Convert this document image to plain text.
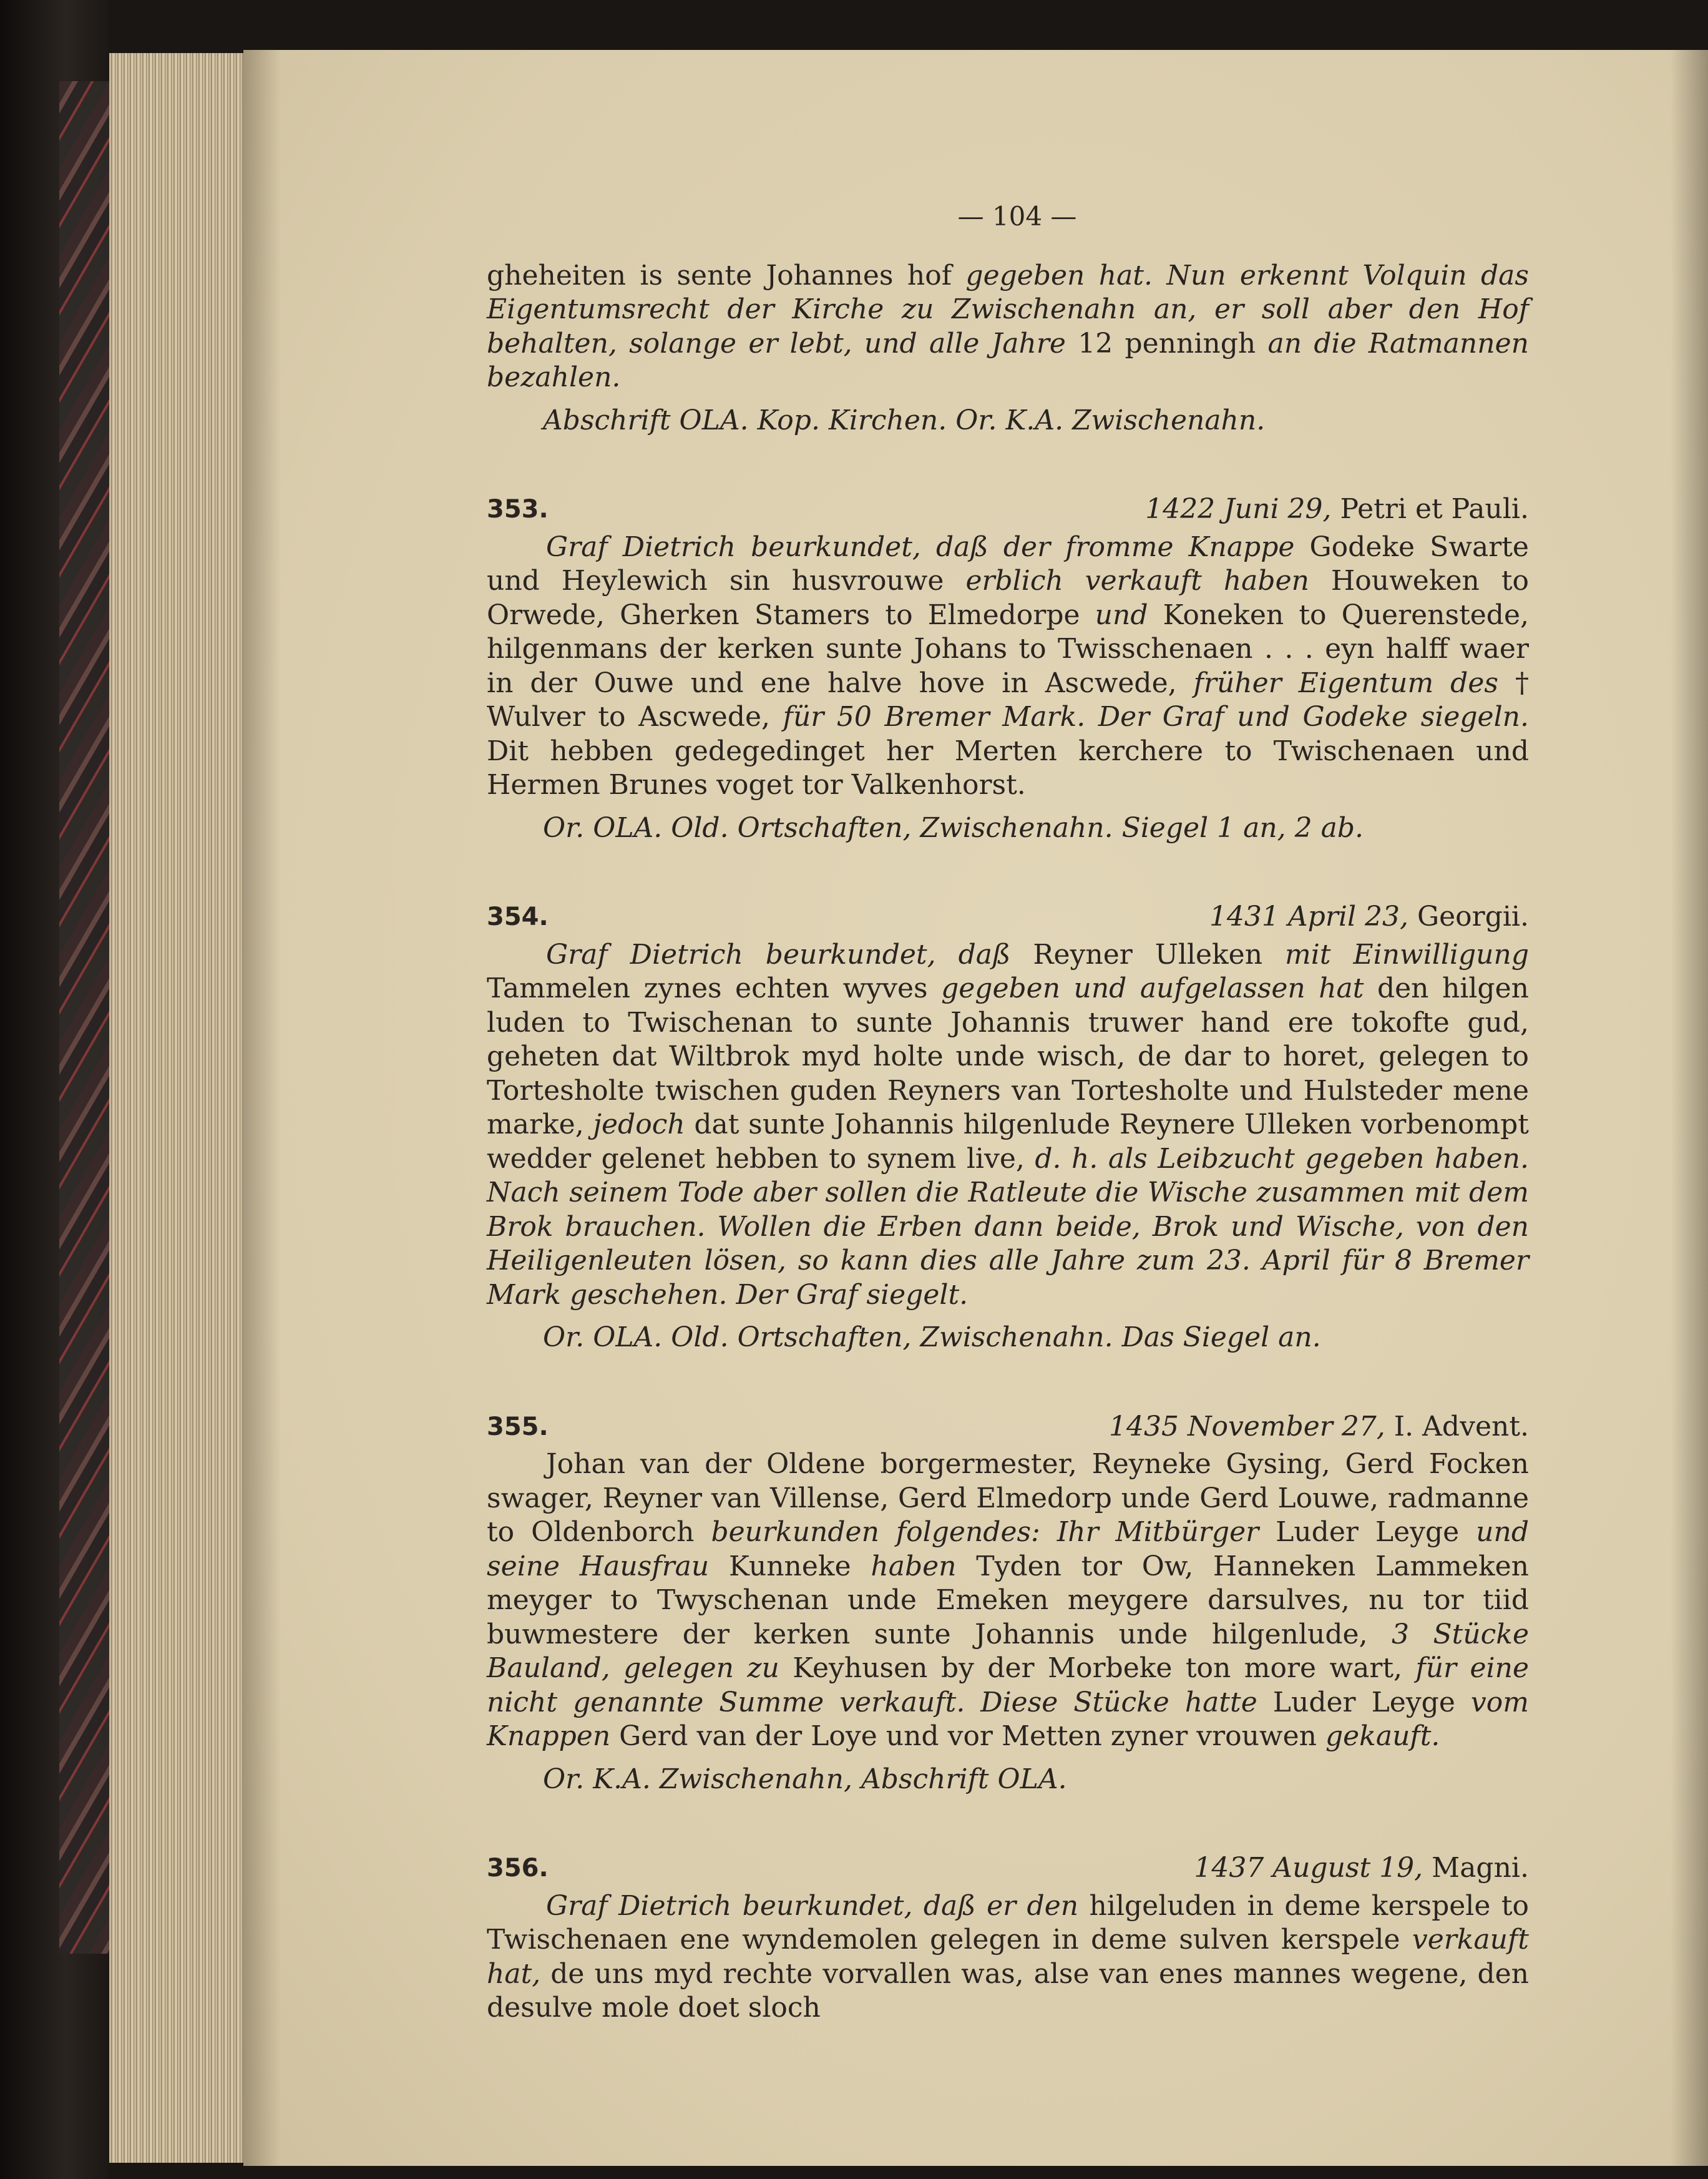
— 104 —

gheheiten is sente Johannes hof gegeben hat. Nun erkennt Volquin das Eigentumsrecht der Kirche zu Zwischenahn an, er soll aber den Hof behalten, solange er lebt, und alle Jahre 12 penningh an die Ratmannen bezahlen.

Abschrift OLA. Kop. Kirchen. Or. K.A. Zwischenahn.

353.	1422 Juni 29, Petri et Pauli.

Graf Dietrich beurkundet, daß der fromme Knappe Godeke Swarte und Heylewich sin husvrouwe erblich verkauft haben Houweken to Orwede, Gherken Stamers to Elmedorpe und Koneken to Querenstede, hilgenmans der kerken sunte Johans to Twisschenaen . . . eyn halff waer in der Ouwe und ene halve hove in Ascwede, früher Eigentum des † Wulver to Ascwede, für 50 Bremer Mark. Der Graf und Godeke siegeln. Dit hebben gedegedinget her Merten kerchere to Twischenaen und Hermen Brunes voget tor Valkenhorst.

Or. OLA. Old. Ortschaften, Zwischenahn. Siegel 1 an, 2 ab.

354.	1431 April 23, Georgii.

Graf Dietrich beurkundet, daß Reyner Ulleken mit Einwilligung Tammelen zynes echten wyves gegeben und aufgelassen hat den hilgen luden to Twischenan to sunte Johannis truwer hand ere tokofte gud, geheten dat Wiltbrok myd holte unde wisch, de dar to horet, gelegen to Tortesholte twischen guden Reyners van Tortesholte und Hulsteder mene marke, jedoch dat sunte Johannis hilgenlude Reynere Ulleken vorbenompt wedder gelenet hebben to synem live, d. h. als Leibzucht gegeben haben. Nach seinem Tode aber sollen die Ratleute die Wische zusammen mit dem Brok brauchen. Wollen die Erben dann beide, Brok und Wische, von den Heiligenleuten lösen, so kann dies alle Jahre zum 23. April für 8 Bremer Mark geschehen. Der Graf siegelt.

Or. OLA. Old. Ortschaften, Zwischenahn. Das Siegel an.

355.	1435 November 27, I. Advent.

Johan van der Oldene borgermester, Reyneke Gysing, Gerd Focken swager, Reyner van Villense, Gerd Elmedorp unde Gerd Louwe, radmanne to Oldenborch beurkunden folgendes: Ihr Mitbürger Luder Leyge und seine Hausfrau Kunneke haben Tyden tor Ow, Hanneken Lammeken meyger to Twyschenan unde Emeken meygere darsulves, nu tor tiid buwmestere der kerken sunte Johannis unde hilgenlude, 3 Stücke Bauland, gelegen zu Keyhusen by der Morbeke ton more wart, für eine nicht genannte Summe verkauft. Diese Stücke hatte Luder Leyge vom Knappen Gerd van der Loye und vor Metten zyner vrouwen gekauft.

Or. K.A. Zwischenahn, Abschrift OLA.

356.	1437 August 19, Magni.

Graf Dietrich beurkundet, daß er den hilgeluden in deme kerspele to Twischenaen ene wyndemolen gelegen in deme sulven kerspele verkauft hat, de uns myd rechte vorvallen was, alse van enes mannes wegene, den desulve mole doet sloch
